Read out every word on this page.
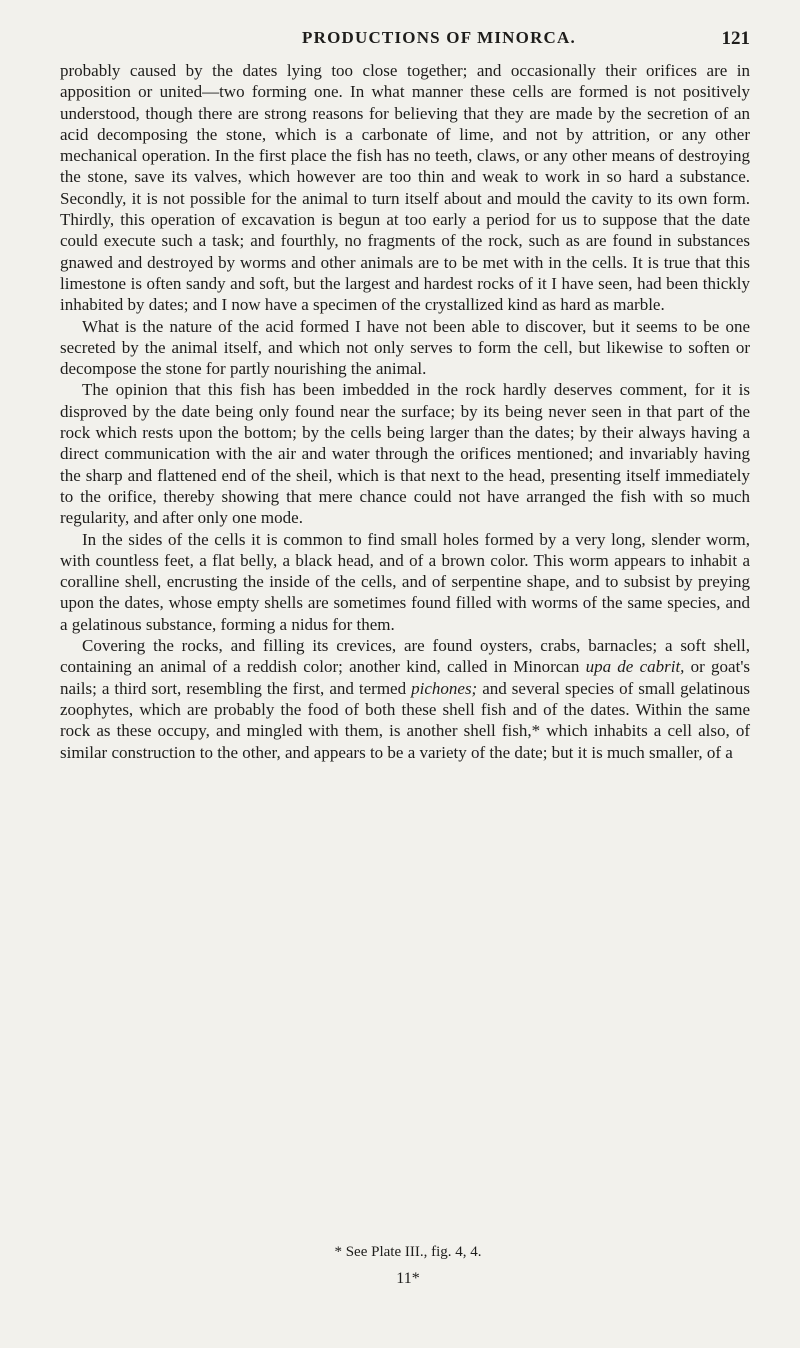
PRODUCTIONS OF MINORCA.	121

probably caused by the dates lying too close together; and occasionally their orifices are in apposition or united—two forming one. In what manner these cells are formed is not positively understood, though there are strong reasons for believing that they are made by the secretion of an acid decomposing the stone, which is a carbonate of lime, and not by attrition, or any other mechanical operation. In the first place the fish has no teeth, claws, or any other means of destroying the stone, save its valves, which however are too thin and weak to work in so hard a substance. Secondly, it is not possible for the animal to turn itself about and mould the cavity to its own form. Thirdly, this operation of excavation is begun at too early a period for us to suppose that the date could execute such a task; and fourthly, no fragments of the rock, such as are found in substances gnawed and destroyed by worms and other animals are to be met with in the cells. It is true that this limestone is often sandy and soft, but the largest and hardest rocks of it I have seen, had been thickly inhabited by dates; and I now have a specimen of the crystallized kind as hard as marble.

What is the nature of the acid formed I have not been able to discover, but it seems to be one secreted by the animal itself, and which not only serves to form the cell, but likewise to soften or decompose the stone for partly nourishing the animal.

The opinion that this fish has been imbedded in the rock hardly deserves comment, for it is disproved by the date being only found near the surface; by its being never seen in that part of the rock which rests upon the bottom; by the cells being larger than the dates; by their always having a direct communication with the air and water through the orifices mentioned; and invariably having the sharp and flattened end of the sheil, which is that next to the head, presenting itself immediately to the orifice, thereby showing that mere chance could not have arranged the fish with so much regularity, and after only one mode.

In the sides of the cells it is common to find small holes formed by a very long, slender worm, with countless feet, a flat belly, a black head, and of a brown color. This worm appears to inhabit a coralline shell, encrusting the inside of the cells, and of serpentine shape, and to subsist by preying upon the dates, whose empty shells are sometimes found filled with worms of the same species, and a gelatinous substance, forming a nidus for them.

Covering the rocks, and filling its crevices, are found oysters, crabs, barnacles; a soft shell, containing an animal of a reddish color; another kind, called in Minorcan upa de cabrit, or goat's nails; a third sort, resembling the first, and termed pichones; and several species of small gelatinous zoophytes, which are probably the food of both these shell fish and of the dates. Within the same rock as these occupy, and mingled with them, is another shell fish,* which inhabits a cell also, of similar construction to the other, and appears to be a variety of the date; but it is much smaller, of a

* See Plate III., fig. 4, 4.
11*
